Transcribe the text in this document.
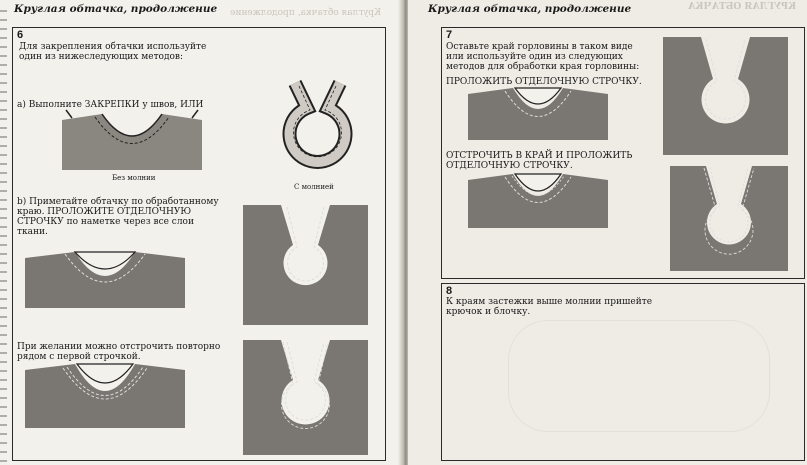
Круглая обтачка, продолжение Круглая обтачка, продолжение
6
Для закрепления обтачки используйте
один из нижеследующих методов:
a) Выполните ЗАКРЕПКИ у швов, ИЛИ
Без молнии
С молнией
b) Приметайте обтачку по обработанному
краю. ПРОЛОЖИТЕ ОТДЕЛОЧНУЮ
СТРОЧКУ по наметке через все слои
ткани.
При желании можно отстрочить повторно
рядом с первой строчкой.
Круглая обтачка, продолжение	КРУГЛАЯ ОБТАЧКА
7
Оставьте край горловины в таком виде
или используйте один из следующих
методов для обработки края горловины:
ПРОЛОЖИТЬ ОТДЕЛОЧНУЮ СТРОЧКУ.
ОТСТРОЧИТЬ В КРАЙ И ПРОЛОЖИТЬ
ОТДЕЛОЧНУЮ СТРОЧКУ.
8
К краям застежки выше молнии пришейте
крючок и блочку.
